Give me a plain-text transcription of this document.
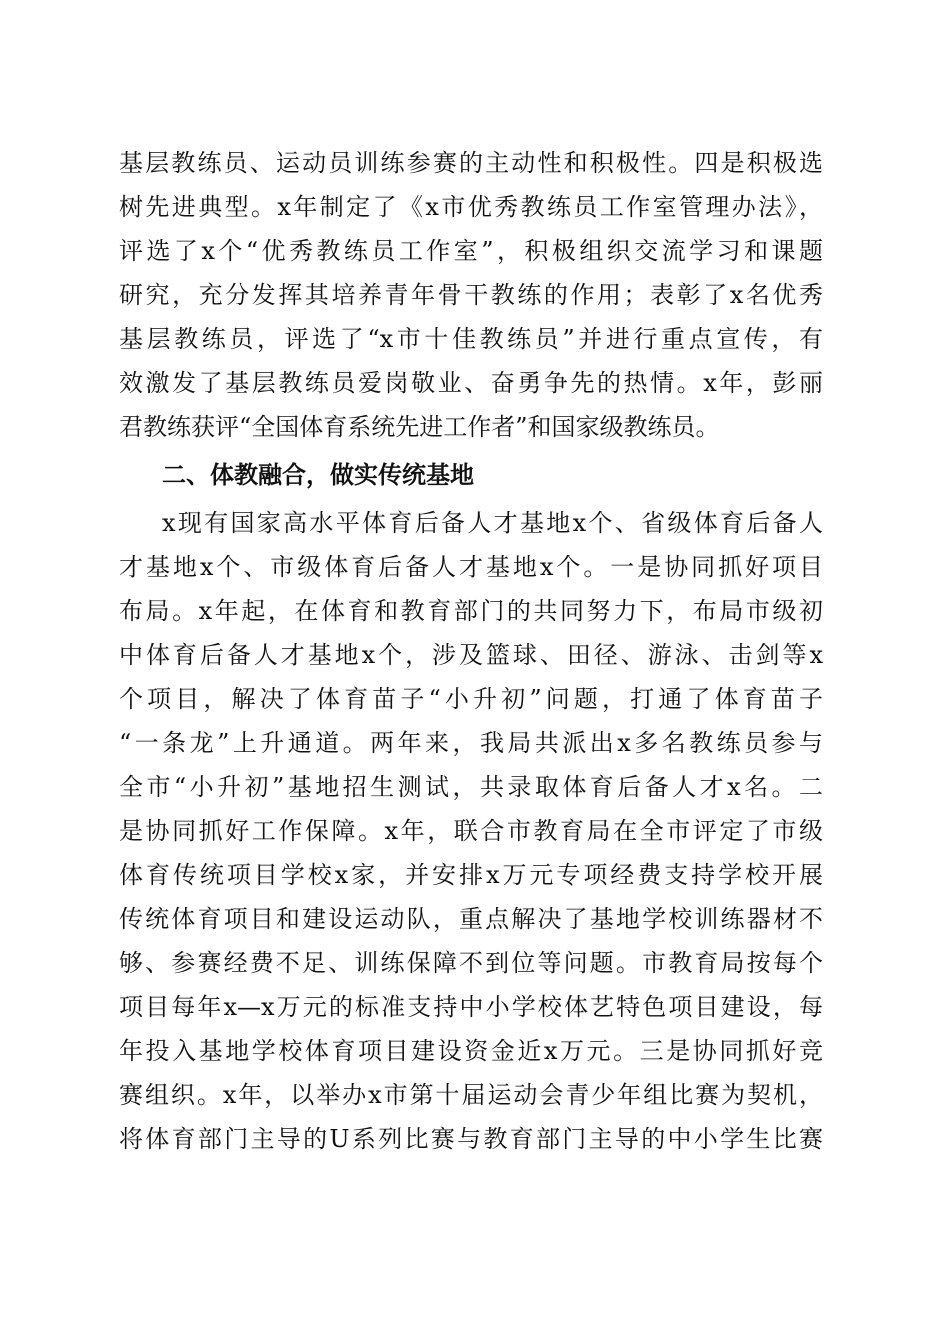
基层教练员、运动员训练参赛的主动性和积极性。四是积极选
树先进典型。x年制定了《x市优秀教练员工作室管理办法》，
评选了x个“优秀教练员工作室”，积极组织交流学习和课题
研究，充分发挥其培养青年骨干教练的作用；表彰了x名优秀
基层教练员，评选了“x市十佳教练员”并进行重点宣传，有
效激发了基层教练员爱岗敬业、奋勇争先的热情。x年，彭丽
君教练获评“全国体育系统先进工作者”和国家级教练员。
二、体教融合，做实传统基地
x现有国家高水平体育后备人才基地x个、省级体育后备人
才基地x个、市级体育后备人才基地x个。一是协同抓好项目
布局。x年起，在体育和教育部门的共同努力下，布局市级初
中体育后备人才基地x个，涉及篮球、田径、游泳、击剑等x
个项目，解决了体育苗子“小升初”问题，打通了体育苗子
“一条龙”上升通道。两年来，我局共派出x多名教练员参与
全市“小升初”基地招生测试，共录取体育后备人才x名。二
是协同抓好工作保障。x年，联合市教育局在全市评定了市级
体育传统项目学校x家，并安排x万元专项经费支持学校开展
传统体育项目和建设运动队，重点解决了基地学校训练器材不
够、参赛经费不足、训练保障不到位等问题。市教育局按每个
项目每年x—x万元的标准支持中小学校体艺特色项目建设，每
年投入基地学校体育项目建设资金近x万元。三是协同抓好竞
赛组织。x年，以举办x市第十届运动会青少年组比赛为契机，
将体育部门主导的U系列比赛与教育部门主导的中小学生比赛
